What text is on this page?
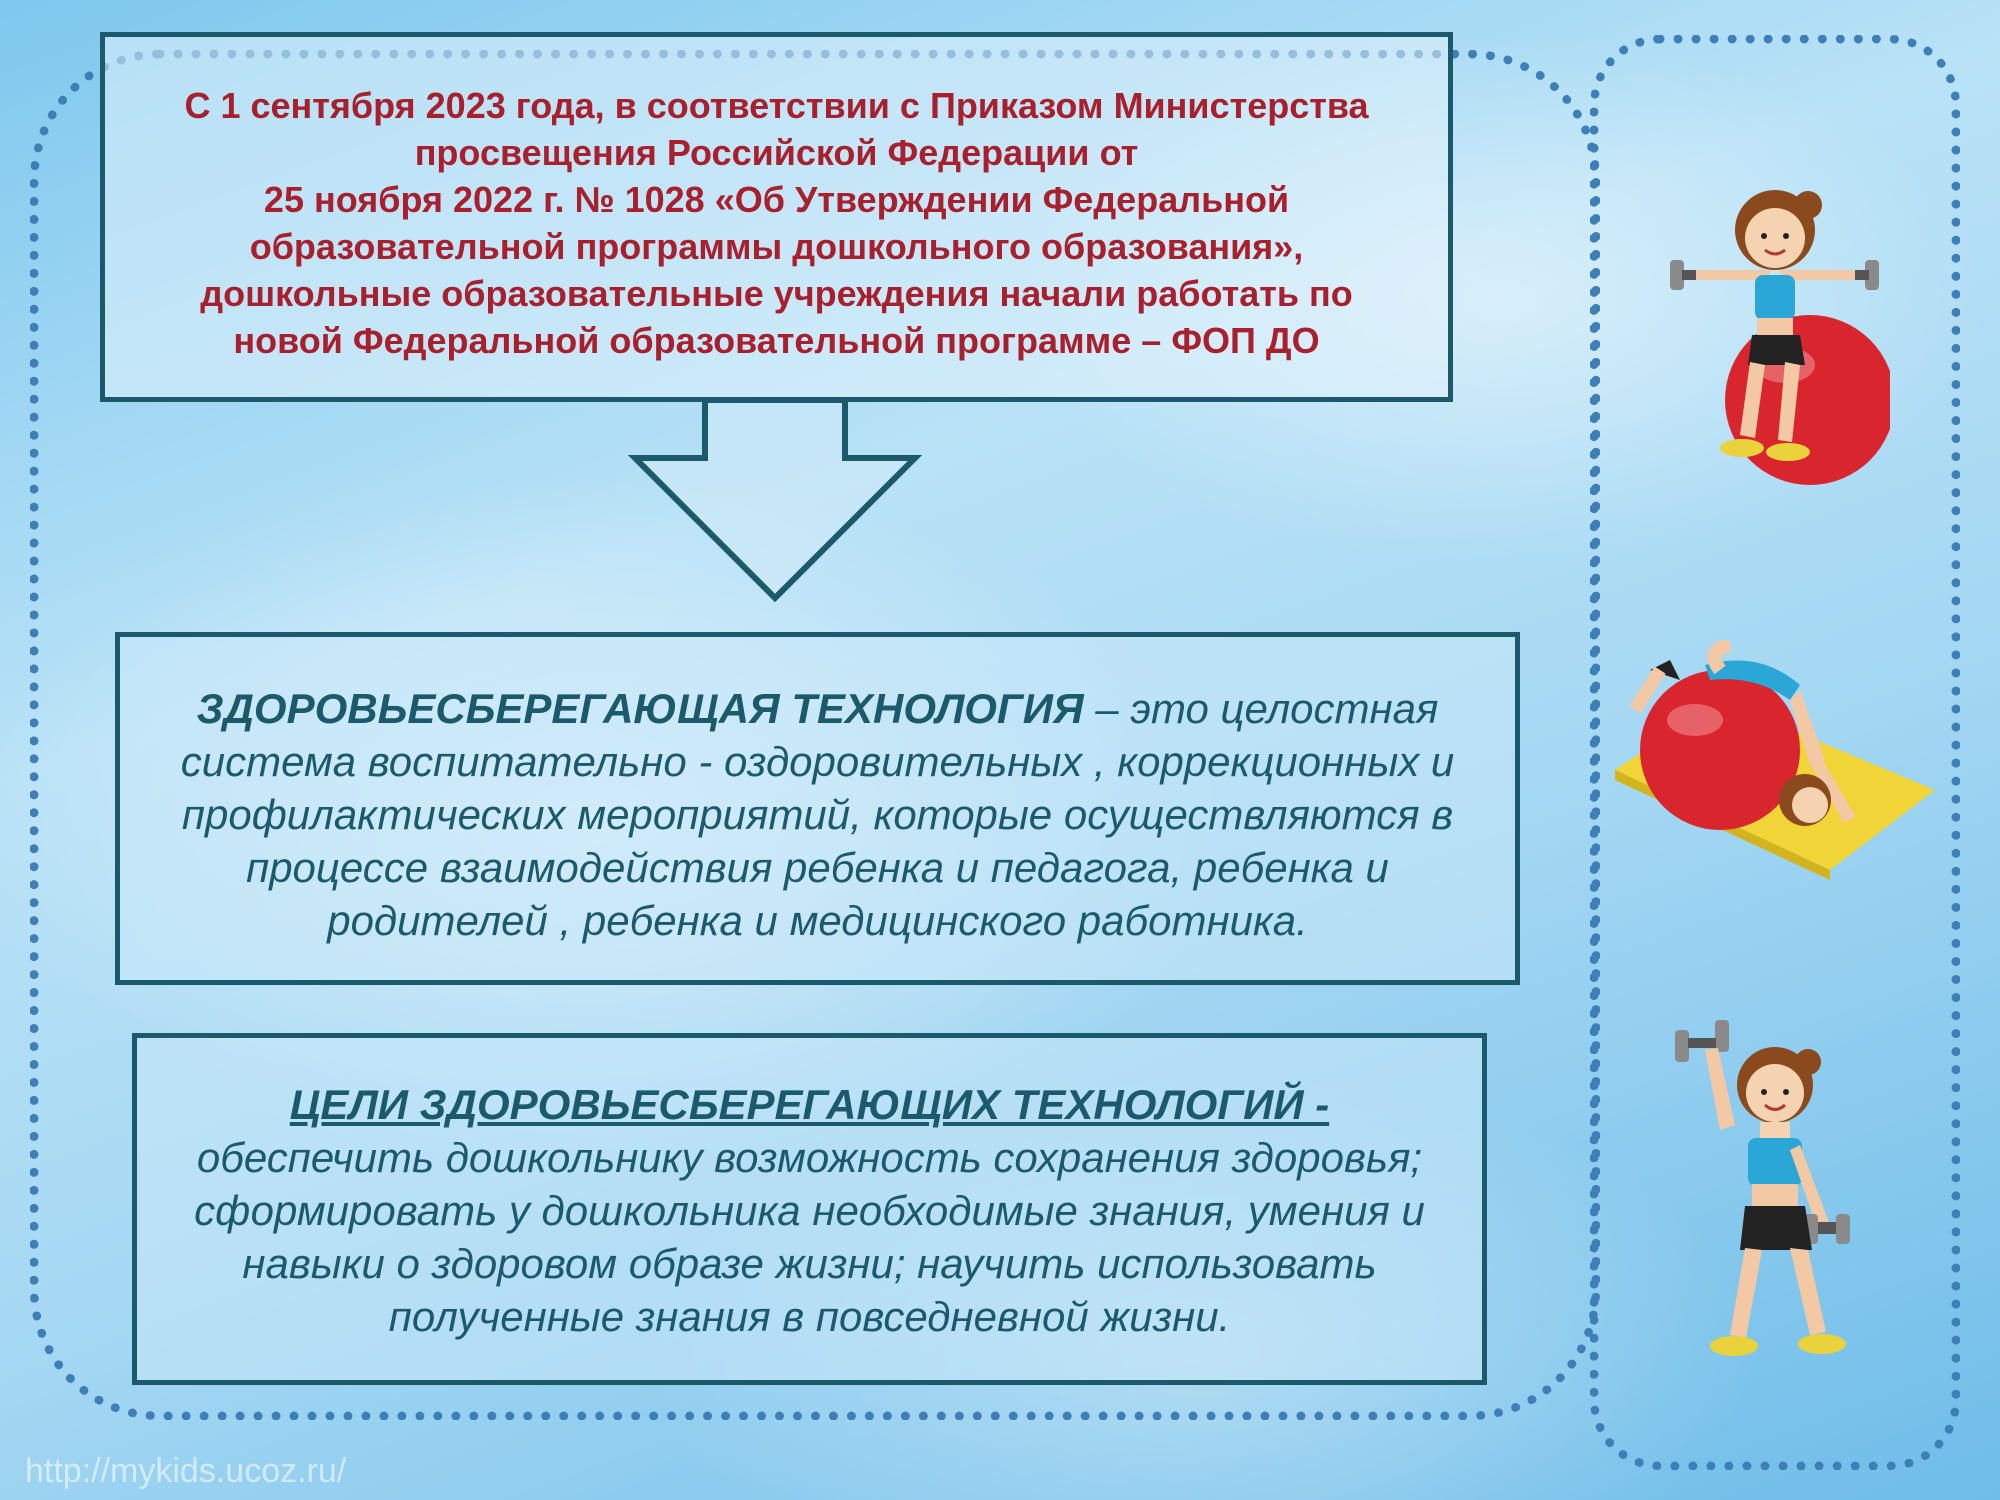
С 1 сентября 2023 года, в соответствии с Приказом Министерства

просвещения Российской Федерации от

25 ноября 2022 г. № 1028 «Об Утверждении Федеральной

образовательной программы дошкольного образования»,

дошкольные образовательные учреждения начали работать по

новой Федеральной образовательной программе – ФОП ДО

ЗДОРОВЬЕСБЕРЕГАЮЩАЯ ТЕХНОЛОГИЯ – это целостная

система воспитательно - оздоровительных , коррекционных и

профилактических мероприятий, которые осуществляются в

процессе взаимодействия ребенка и педагога, ребенка и

родителей , ребенка и медицинского работника.

ЦЕЛИ ЗДОРОВЬЕСБЕРЕГАЮЩИХ ТЕХНОЛОГИЙ -

обеспечить дошкольнику возможность сохранения здоровья;

сформировать у дошкольника необходимые знания, умения и

навыки о здоровом образе жизни; научить использовать

полученные знания в повседневной жизни.

http://mykids.ucoz.ru/
